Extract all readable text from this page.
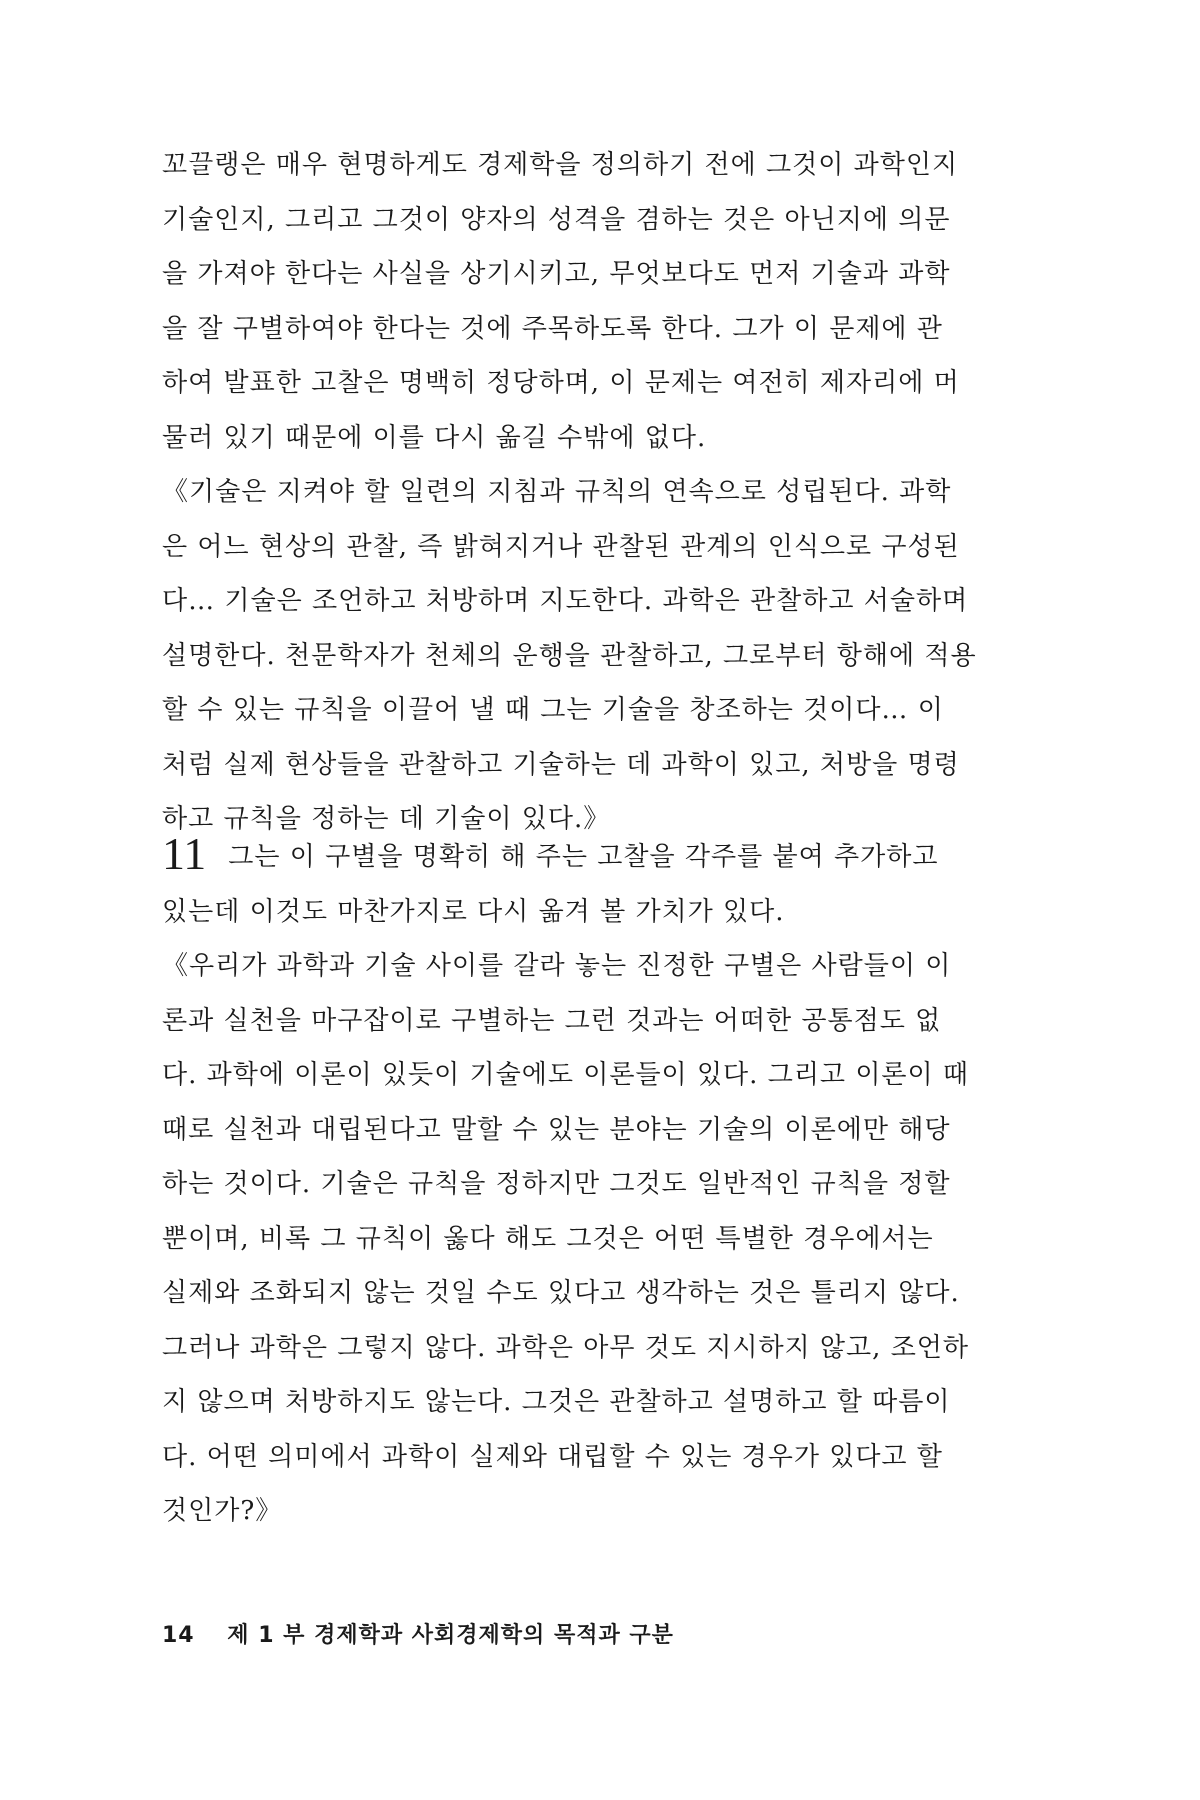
꼬끌랭은 매우 현명하게도 경제학을 정의하기 전에 그것이 과학인지
기술인지, 그리고 그것이 양자의 성격을 겸하는 것은 아닌지에 의문
을 가져야 한다는 사실을 상기시키고, 무엇보다도 먼저 기술과 과학
을 잘 구별하여야 한다는 것에 주목하도록 한다. 그가 이 문제에 관
하여 발표한 고찰은 명백히 정당하며, 이 문제는 여전히 제자리에 머
물러 있기 때문에 이를 다시 옮길 수밖에 없다.

《기술은 지켜야 할 일련의 지침과 규칙의 연속으로 성립된다. 과학
은 어느 현상의 관찰, 즉 밝혀지거나 관찰된 관계의 인식으로 구성된
다… 기술은 조언하고 처방하며 지도한다. 과학은 관찰하고 서술하며
설명한다. 천문학자가 천체의 운행을 관찰하고, 그로부터 항해에 적용
할 수 있는 규칙을 이끌어 낼 때 그는 기술을 창조하는 것이다… 이
처럼 실제 현상들을 관찰하고 기술하는 데 과학이 있고, 처방을 명령
하고 규칙을 정하는 데 기술이 있다.》

11 그는 이 구별을 명확히 해 주는 고찰을 각주를 붙여 추가하고
있는데 이것도 마찬가지로 다시 옮겨 볼 가치가 있다.

《우리가 과학과 기술 사이를 갈라 놓는 진정한 구별은 사람들이 이
론과 실천을 마구잡이로 구별하는 그런 것과는 어떠한 공통점도 없
다. 과학에 이론이 있듯이 기술에도 이론들이 있다. 그리고 이론이 때
때로 실천과 대립된다고 말할 수 있는 분야는 기술의 이론에만 해당
하는 것이다. 기술은 규칙을 정하지만 그것도 일반적인 규칙을 정할
뿐이며, 비록 그 규칙이 옳다 해도 그것은 어떤 특별한 경우에서는
실제와 조화되지 않는 것일 수도 있다고 생각하는 것은 틀리지 않다.
그러나 과학은 그렇지 않다. 과학은 아무 것도 지시하지 않고, 조언하
지 않으며 처방하지도 않는다. 그것은 관찰하고 설명하고 할 따름이
다. 어떤 의미에서 과학이 실제와 대립할 수 있는 경우가 있다고 할
것인가?》

14 제 1 부 경제학과 사회경제학의 목적과 구분
